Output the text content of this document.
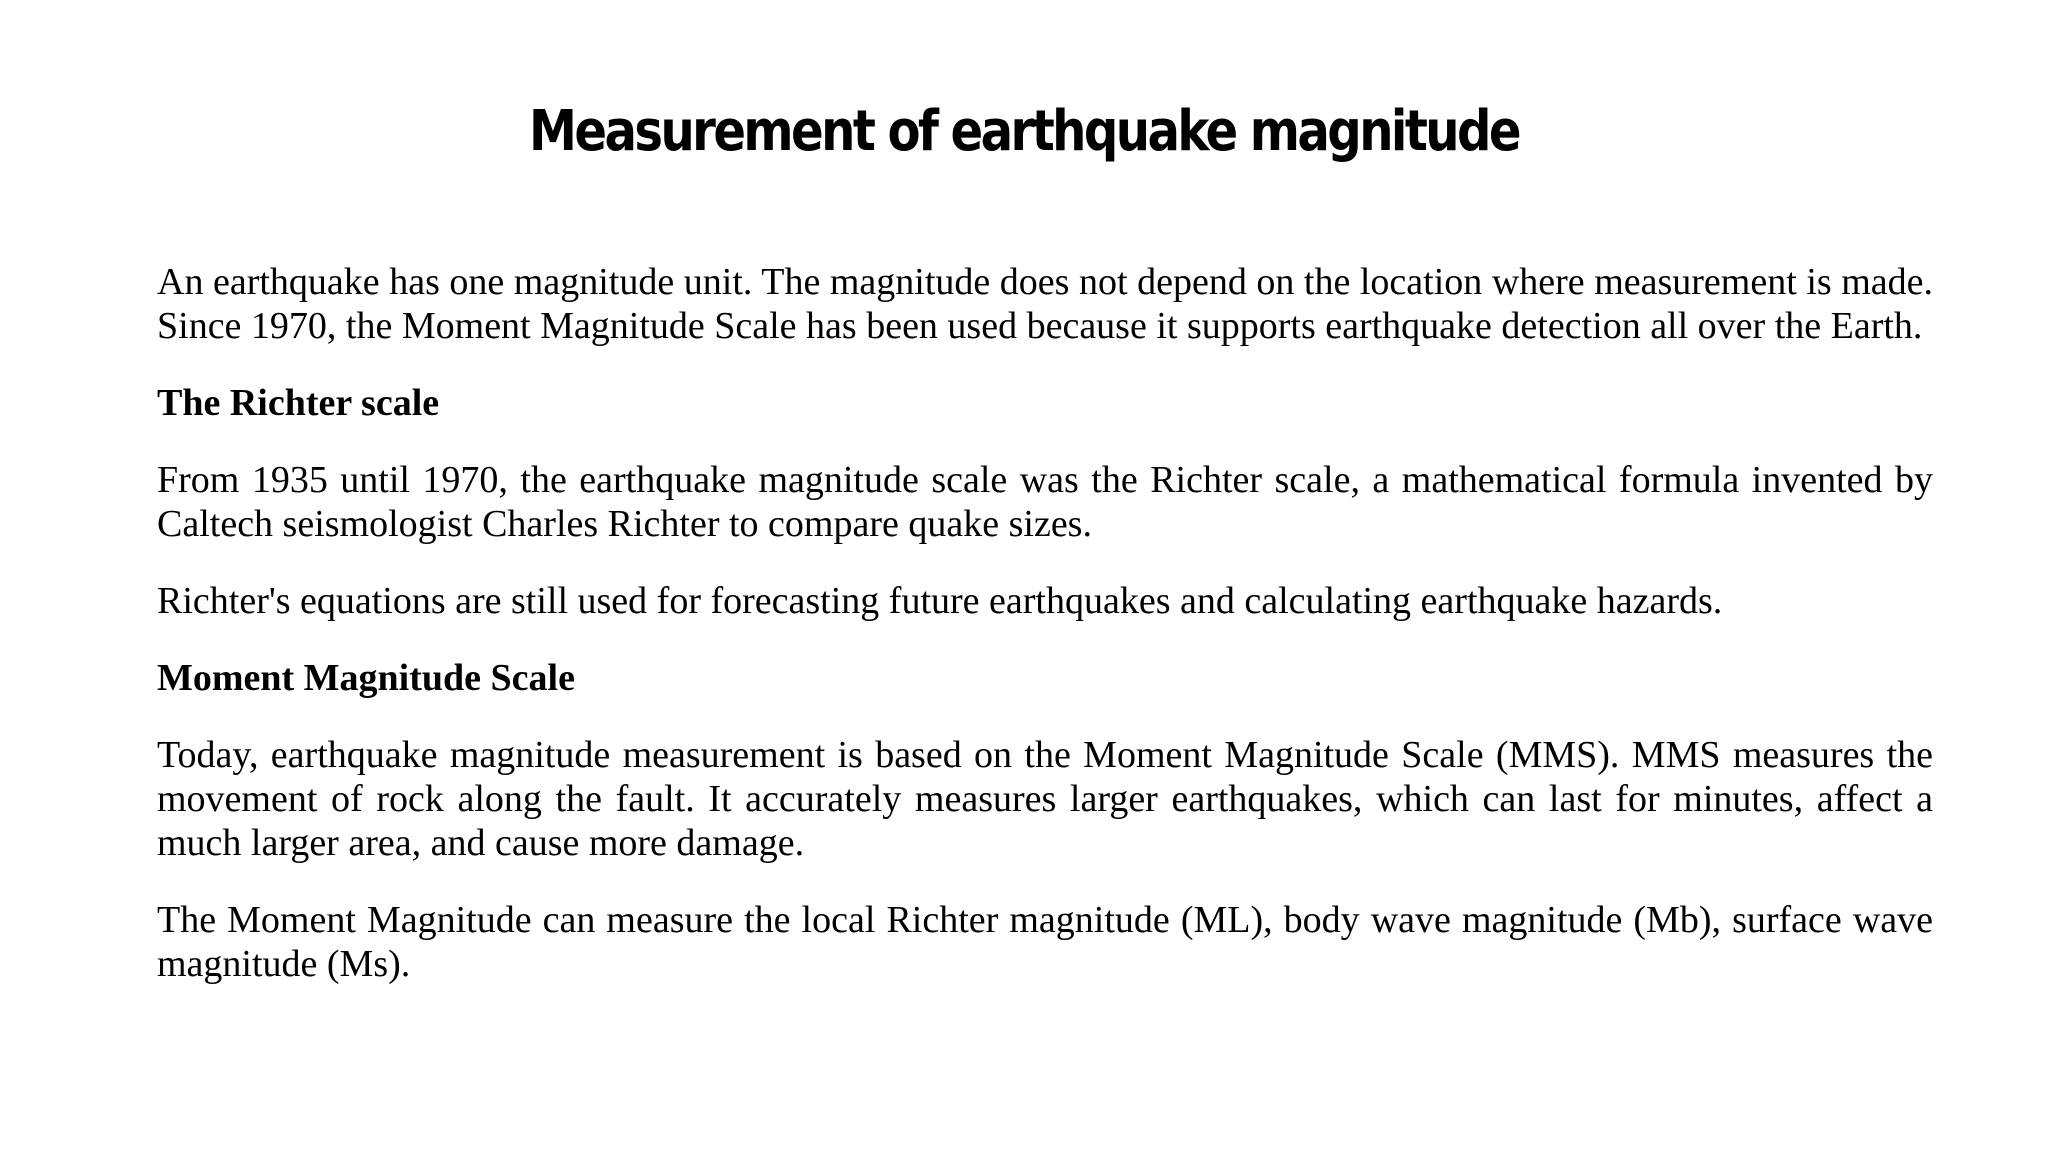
Measurement of earthquake magnitude

An earthquake has one magnitude unit. The magnitude does not depend on the location where measurement is made. Since 1970, the Moment Magnitude Scale has been used because it supports earthquake detection all over the Earth.

The Richter scale

From 1935 until 1970, the earthquake magnitude scale was the Richter scale, a mathematical formula invented by Caltech seismologist Charles Richter to compare quake sizes.

Richter's equations are still used for forecasting future earthquakes and calculating earthquake hazards.

Moment Magnitude Scale

Today, earthquake magnitude measurement is based on the Moment Magnitude Scale (MMS). MMS measures the movement of rock along the fault. It accurately measures larger earthquakes, which can last for minutes, affect a much larger area, and cause more damage.

The Moment Magnitude can measure the local Richter magnitude (ML), body wave magnitude (Mb), surface wave magnitude (Ms).
